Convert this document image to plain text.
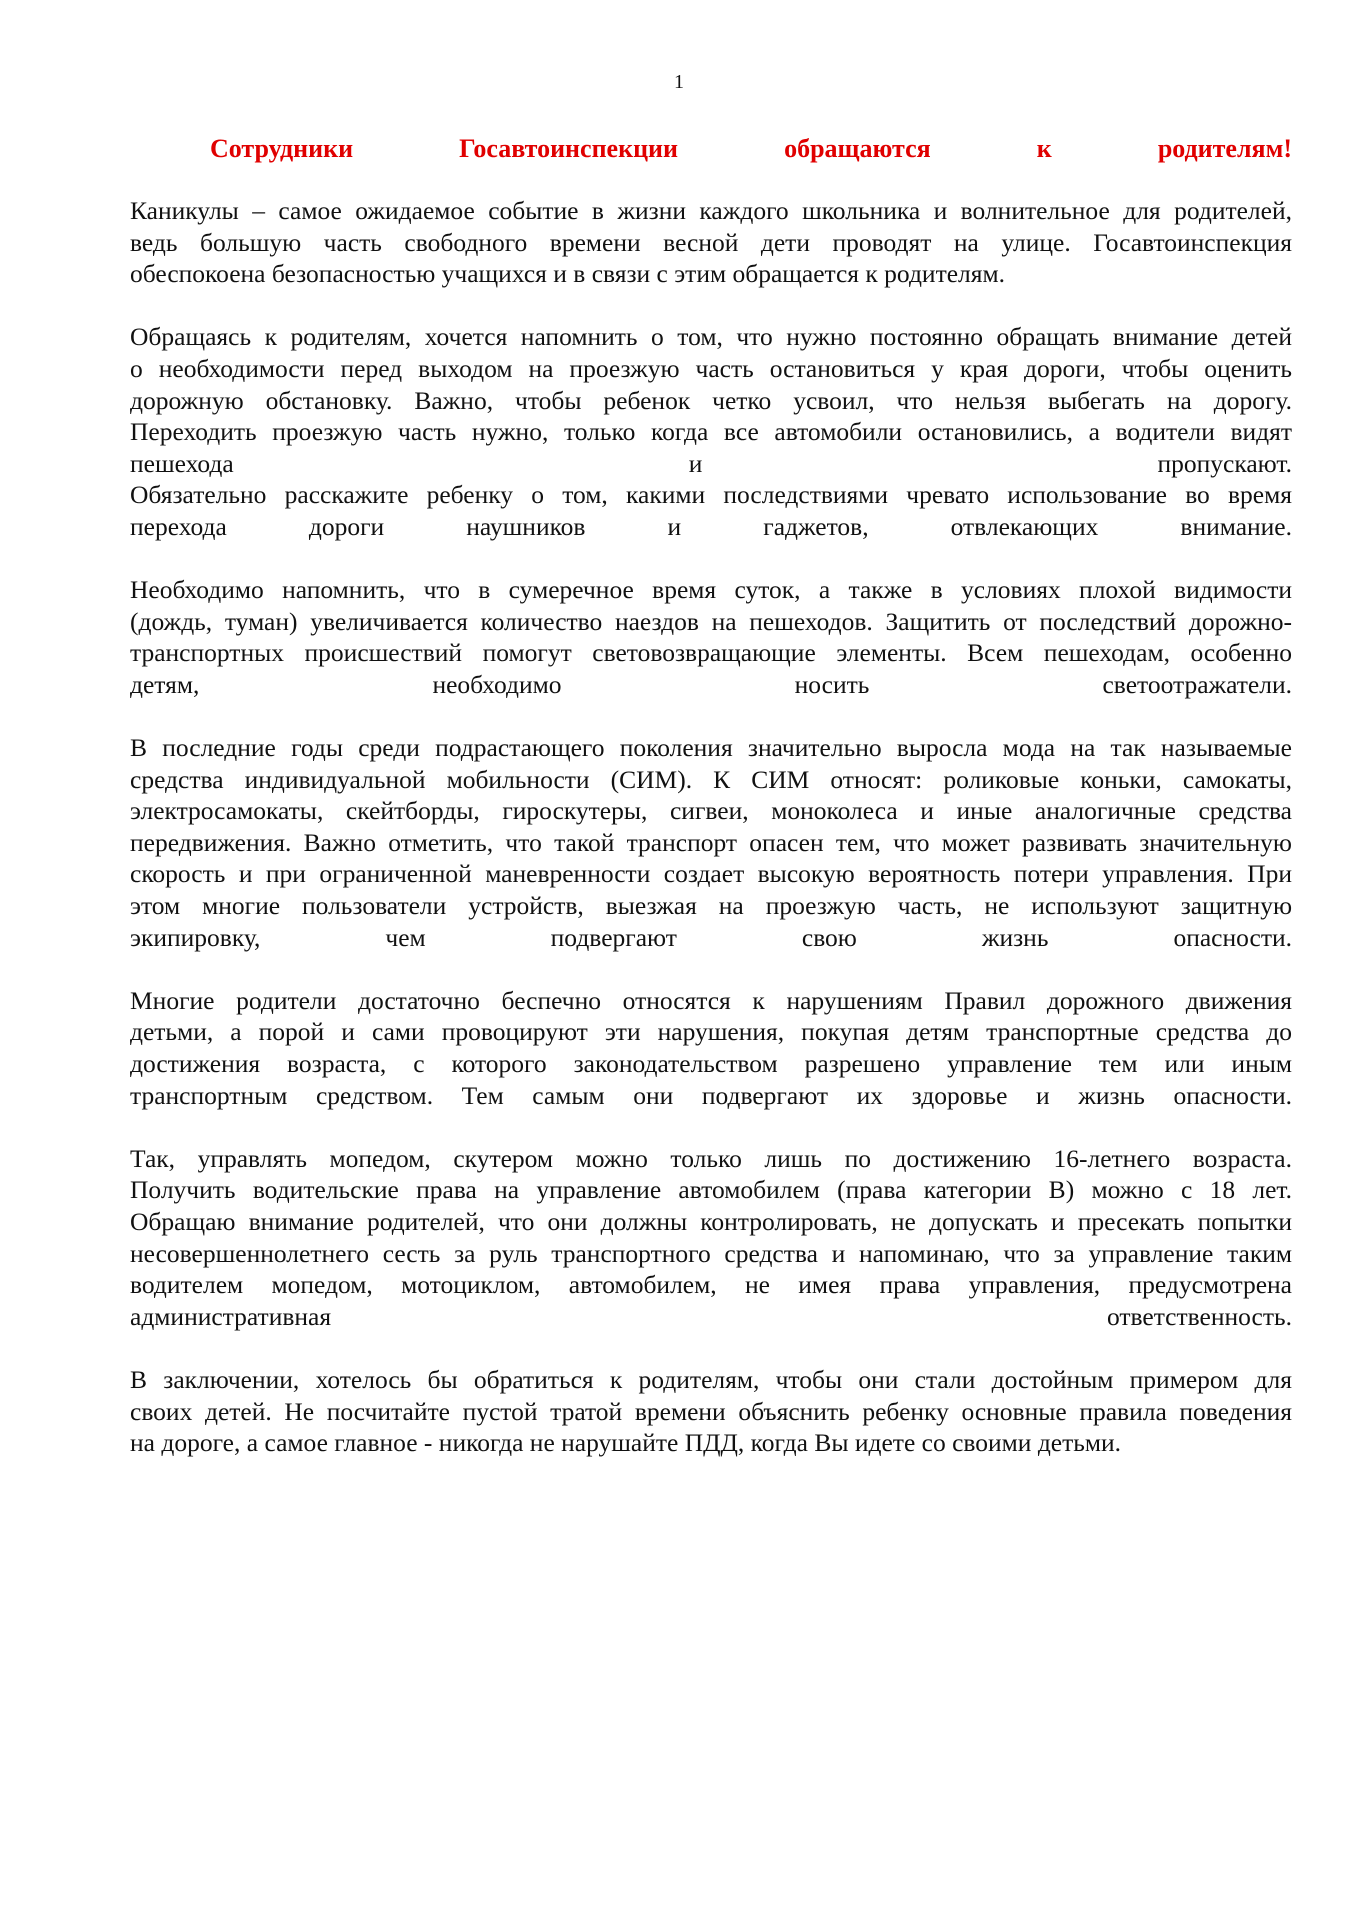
1
Сотрудники Госавтоинспекции обращаются к родителям!
Каникулы – самое ожидаемое событие в жизни каждого школьника и волнительное для родителей,
ведь большую часть свободного времени весной дети проводят на улице. Госавтоинспекция
обеспокоена безопасностью учащихся и в связи с этим обращается к родителям.
Обращаясь к родителям, хочется напомнить о том, что нужно постоянно обращать внимание детей
о необходимости перед выходом на проезжую часть остановиться у края дороги, чтобы оценить
дорожную обстановку. Важно, чтобы ребенок четко усвоил, что нельзя выбегать на дорогу.
Переходить проезжую часть нужно, только когда все автомобили остановились, а водители видят
пешехода и пропускают.
Обязательно расскажите ребенку о том, какими последствиями чревато использование во время
перехода дороги наушников и гаджетов, отвлекающих внимание.
Необходимо напомнить, что в сумеречное время суток, а также в условиях плохой видимости
(дождь, туман) увеличивается количество наездов на пешеходов. Защитить от последствий дорожно-
транспортных происшествий помогут световозвращающие элементы. Всем пешеходам, особенно
детям, необходимо носить светоотражатели.
В последние годы среди подрастающего поколения значительно выросла мода на так называемые
средства индивидуальной мобильности (СИМ). К СИМ относят: роликовые коньки, самокаты,
электросамокаты, скейтборды, гироскутеры, сигвеи, моноколеса и иные аналогичные средства
передвижения. Важно отметить, что такой транспорт опасен тем, что может развивать значительную
скорость и при ограниченной маневренности создает высокую вероятность потери управления. При
этом многие пользователи устройств, выезжая на проезжую часть, не используют защитную
экипировку, чем подвергают свою жизнь опасности.
Многие родители достаточно беспечно относятся к нарушениям Правил дорожного движения
детьми, а порой и сами провоцируют эти нарушения, покупая детям транспортные средства до
достижения возраста, с которого законодательством разрешено управление тем или иным
транспортным средством. Тем самым они подвергают их здоровье и жизнь опасности.
Так, управлять мопедом, скутером можно только лишь по достижению 16-летнего возраста.
Получить водительские права на управление автомобилем (права категории В) можно с 18 лет.
Обращаю внимание родителей, что они должны контролировать, не допускать и пресекать попытки
несовершеннолетнего сесть за руль транспортного средства и напоминаю, что за управление таким
водителем мопедом, мотоциклом, автомобилем, не имея права управления, предусмотрена
административная ответственность.
В заключении, хотелось бы обратиться к родителям, чтобы они стали достойным примером для
своих детей. Не посчитайте пустой тратой времени объяснить ребенку основные правила поведения
на дороге, а самое главное - никогда не нарушайте ПДД, когда Вы идете со своими детьми.
